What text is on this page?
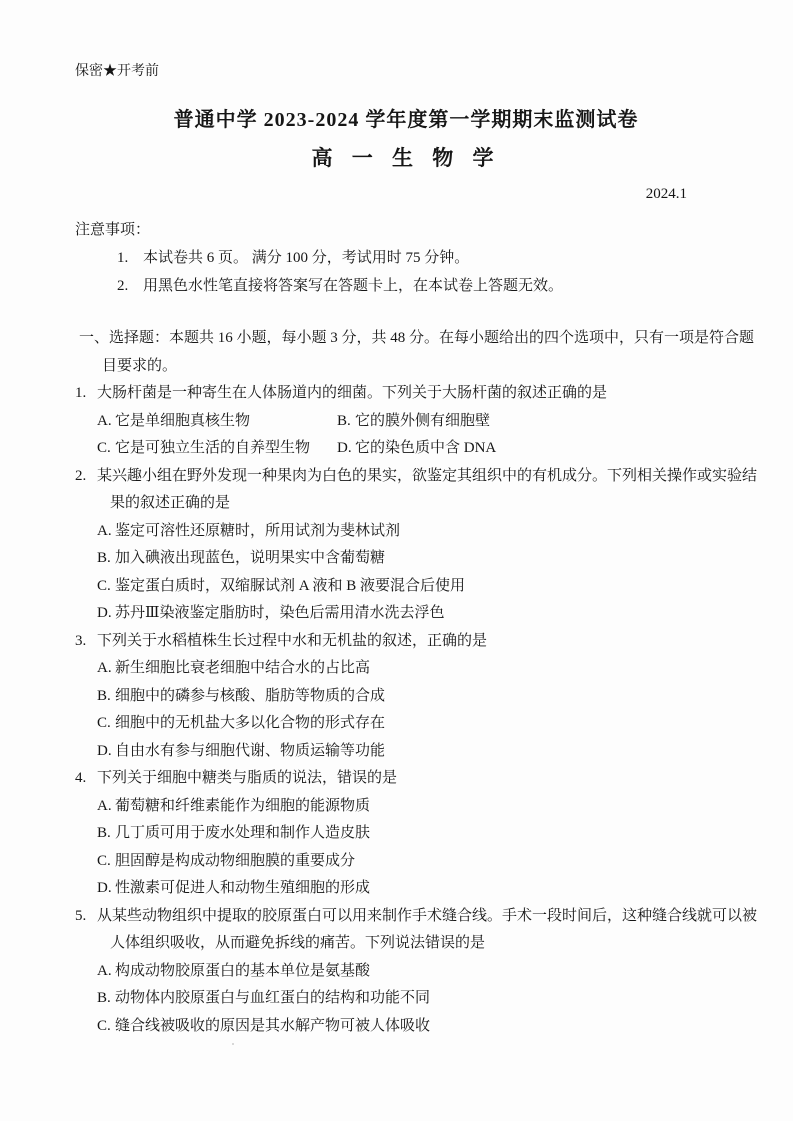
保密★开考前
普通中学 2023-2024 学年度第一学期期末监测试卷
高 一 生 物 学
2024.1
注意事项：
1. 本试卷共 6 页。 满分 100 分，考试用时 75 分钟。
2. 用黑色水性笔直接将答案写在答题卡上，在本试卷上答题无效。
一、选择题：本题共 16 小题，每小题 3 分，共 48 分。在每小题给出的四个选项中，只有一项是符合题
目要求的。
1. 大肠杆菌是一种寄生在人体肠道内的细菌。下列关于大肠杆菌的叙述正确的是
A. 它是单细胞真核生物	B. 它的膜外侧有细胞壁
C. 它是可独立生活的自养型生物	D. 它的染色质中含 DNA
2. 某兴趣小组在野外发现一种果肉为白色的果实，欲鉴定其组织中的有机成分。下列相关操作或实验结
果的叙述正确的是
A. 鉴定可溶性还原糖时，所用试剂为斐林试剂
B. 加入碘液出现蓝色，说明果实中含葡萄糖
C. 鉴定蛋白质时，双缩脲试剂 A 液和 B 液要混合后使用
D. 苏丹Ⅲ染液鉴定脂肪时，染色后需用清水洗去浮色
3. 下列关于水稻植株生长过程中水和无机盐的叙述，正确的是
A. 新生细胞比衰老细胞中结合水的占比高
B. 细胞中的磷参与核酸、脂肪等物质的合成
C. 细胞中的无机盐大多以化合物的形式存在
D. 自由水有参与细胞代谢、物质运输等功能
4. 下列关于细胞中糖类与脂质的说法，错误的是
A. 葡萄糖和纤维素能作为细胞的能源物质
B. 几丁质可用于废水处理和制作人造皮肤
C. 胆固醇是构成动物细胞膜的重要成分
D. 性激素可促进人和动物生殖细胞的形成
5. 从某些动物组织中提取的胶原蛋白可以用来制作手术缝合线。手术一段时间后，这种缝合线就可以被
人体组织吸收，从而避免拆线的痛苦。下列说法错误的是
A. 构成动物胶原蛋白的基本单位是氨基酸
B. 动物体内胶原蛋白与血红蛋白的结构和功能不同
C. 缝合线被吸收的原因是其水解产物可被人体吸收
